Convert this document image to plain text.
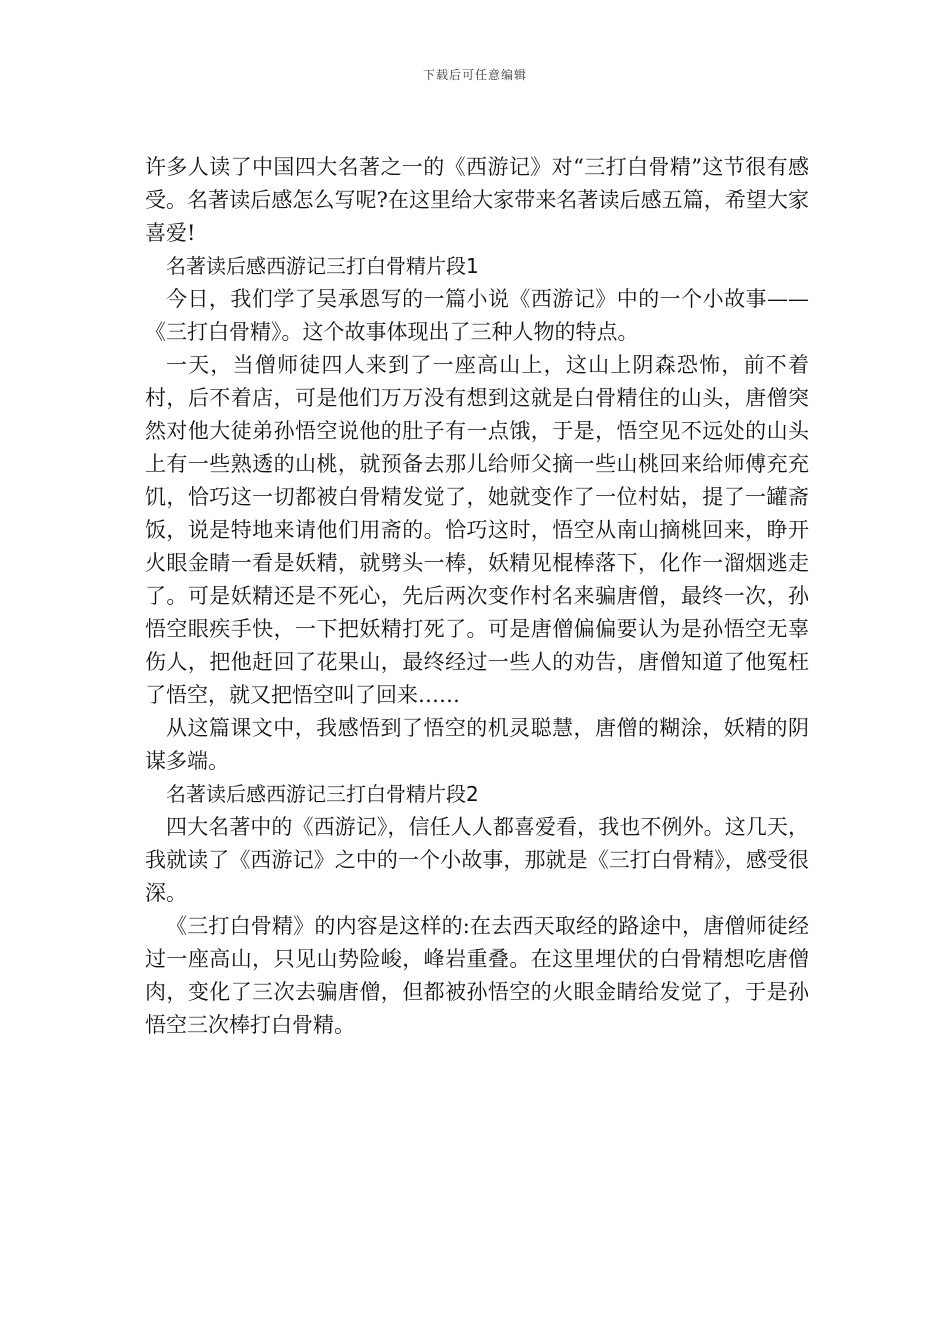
下载后可任意编辑

许多人读了中国四大名著之一的《西游记》对“三打白骨精”这节很有感受。名著读后感怎么写呢?在这里给大家带来名著读后感五篇，希望大家喜爱!

名著读后感西游记三打白骨精片段1

今日，我们学了吴承恩写的一篇小说《西游记》中的一个小故事——《三打白骨精》。这个故事体现出了三种人物的特点。

一天，当僧师徒四人来到了一座高山上，这山上阴森恐怖，前不着村，后不着店，可是他们万万没有想到这就是白骨精住的山头，唐僧突然对他大徒弟孙悟空说他的肚子有一点饿，于是，悟空见不远处的山头上有一些熟透的山桃，就预备去那儿给师父摘一些山桃回来给师傅充充饥，恰巧这一切都被白骨精发觉了，她就变作了一位村姑，提了一罐斋饭，说是特地来请他们用斋的。恰巧这时，悟空从南山摘桃回来，睁开火眼金睛一看是妖精，就劈头一棒，妖精见棍棒落下，化作一溜烟逃走了。可是妖精还是不死心，先后两次变作村名来骗唐僧，最终一次，孙悟空眼疾手快，一下把妖精打死了。可是唐僧偏偏要认为是孙悟空无辜伤人，把他赶回了花果山，最终经过一些人的劝告，唐僧知道了他冤枉了悟空，就又把悟空叫了回来……

从这篇课文中，我感悟到了悟空的机灵聪慧，唐僧的糊涂，妖精的阴谋多端。

名著读后感西游记三打白骨精片段2

四大名著中的《西游记》，信任人人都喜爱看，我也不例外。这几天，我就读了《西游记》之中的一个小故事，那就是《三打白骨精》，感受很深。

《三打白骨精》的内容是这样的:在去西天取经的路途中，唐僧师徒经过一座高山，只见山势险峻，峰岩重叠。在这里埋伏的白骨精想吃唐僧肉，变化了三次去骗唐僧，但都被孙悟空的火眼金睛给发觉了，于是孙悟空三次棒打白骨精。
